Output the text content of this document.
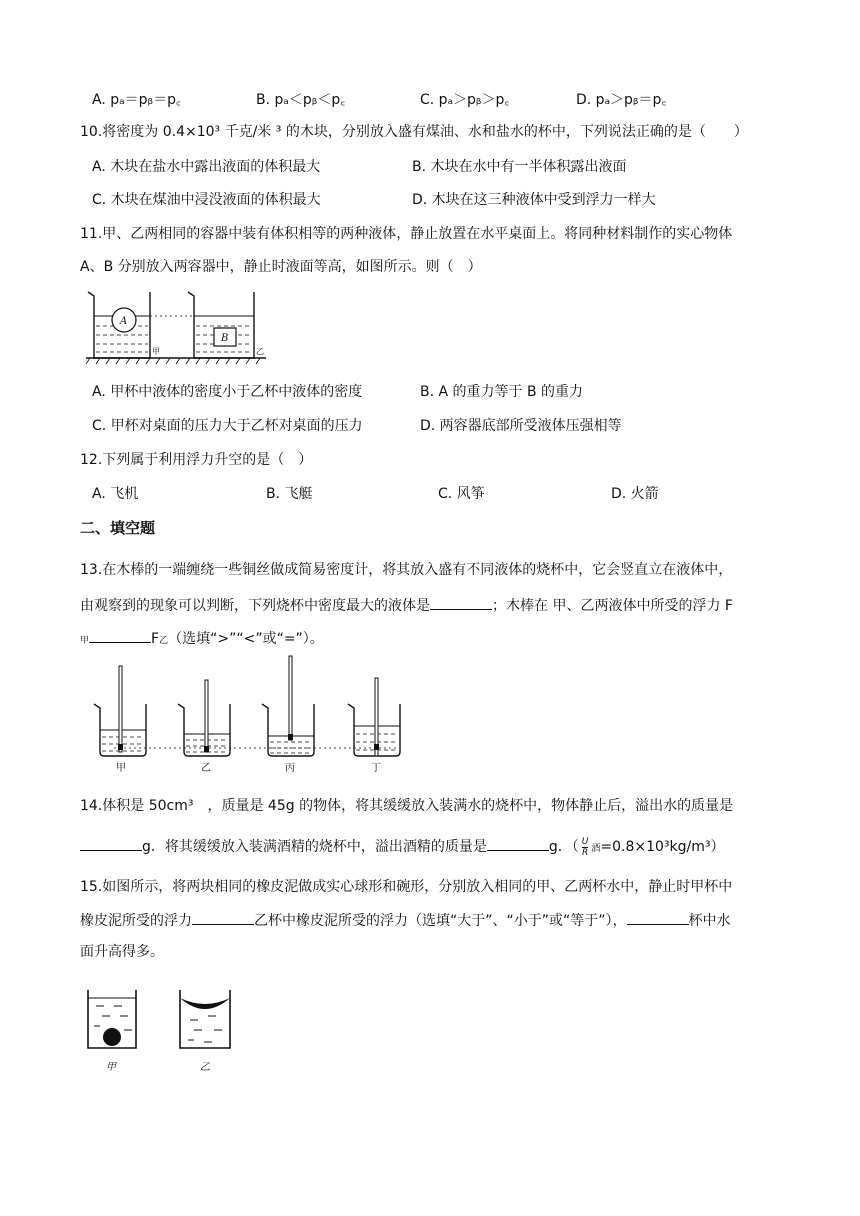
A. pₐ＝pᵦ＝p꜀	B. pₐ＜pᵦ＜p꜀	C. pₐ＞pᵦ＞p꜀	D. pₐ＞pᵦ＝p꜀
10.将密度为 0.4×10³ 千克/米 ³ 的木块，分别放入盛有煤油、水和盐水的杯中，下列说法正确的是（　　）
A. 木块在盐水中露出液面的体积最大	B. 木块在水中有一半体积露出液面
C. 木块在煤油中浸没液面的体积最大	D. 木块在这三种液体中受到浮力一样大
11.甲、乙两相同的容器中装有体积相等的两种液体，静止放置在水平桌面上。将同种材料制作的实心物体
A、B 分别放入两容器中，静止时液面等高，如图所示。则（　）
A
B
甲	乙
A. 甲杯中液体的密度小于乙杯中液体的密度	B. A 的重力等于 B 的重力
C. 甲杯对桌面的压力大于乙杯对桌面的压力	D. 两容器底部所受液体压强相等
12.下列属于利用浮力升空的是（　）
A. 飞机	B. 飞艇	C. 风筝	D. 火箭
二、填空题
13.在木棒的一端缠绕一些铜丝做成简易密度计，将其放入盛有不同液体的烧杯中，它会竖直立在液体中，
由观察到的现象可以判断，下列烧杯中密度最大的液体是	；木棒在 甲、乙两液体中所受的浮力 F
甲	F乙（选填“>”“<”或“=”）。
甲	乙	丙	丁
14.体积是 50cm³　，质量是 45g 的物体，将其缓缓放入装满水的烧杯中，物体静止后，溢出水的质量是
g．将其缓缓放入装满酒精的烧杯中，溢出酒精的质量是	g．（ $\frac{U}{R}$ 酒=0.8×10³kg/m³）
15.如图所示，将两块相同的橡皮泥做成实心球形和碗形，分别放入相同的甲、乙两杯水中，静止时甲杯中
橡皮泥所受的浮力	乙杯中橡皮泥所受的浮力（选填“大于”、“小于”或“等于”），	杯中水
面升高得多。
甲	乙
